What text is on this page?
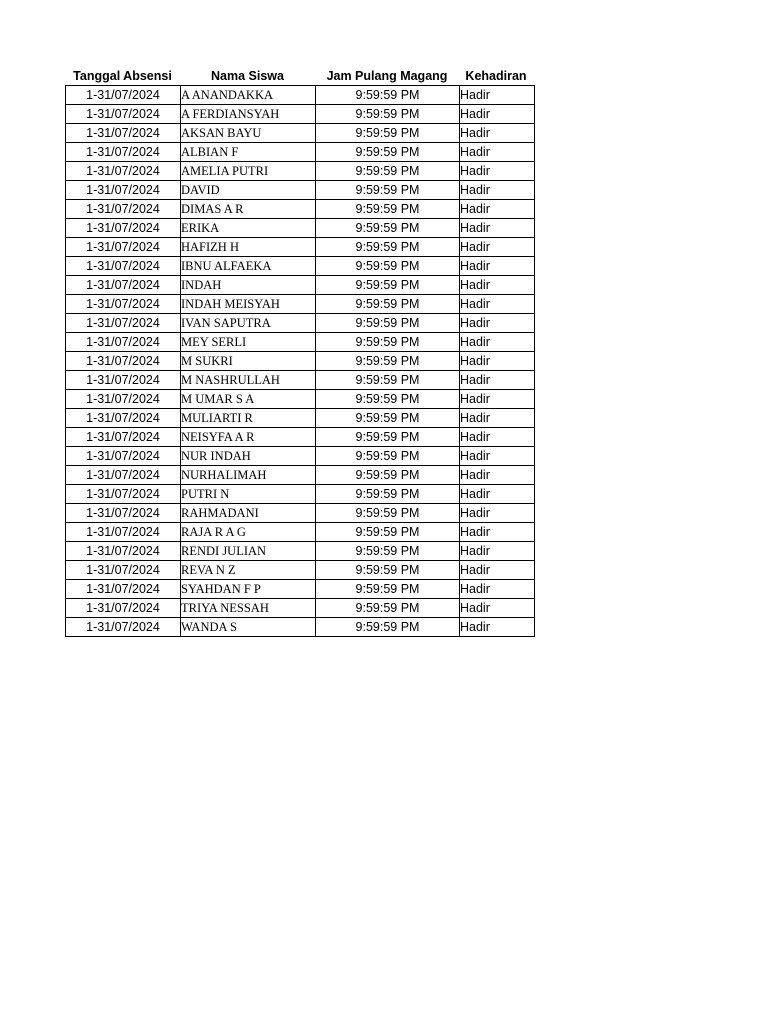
Tanggal Absensi	Nama Siswa	Jam Pulang Magang	Kehadiran
1-31/07/2024	A ANANDAKKA	9:59:59 PM	Hadir
1-31/07/2024	A FERDIANSYAH	9:59:59 PM	Hadir
1-31/07/2024	AKSAN BAYU	9:59:59 PM	Hadir
1-31/07/2024	ALBIAN F	9:59:59 PM	Hadir
1-31/07/2024	AMELIA PUTRI	9:59:59 PM	Hadir
1-31/07/2024	DAVID	9:59:59 PM	Hadir
1-31/07/2024	DIMAS A R	9:59:59 PM	Hadir
1-31/07/2024	ERIKA	9:59:59 PM	Hadir
1-31/07/2024	HAFIZH H	9:59:59 PM	Hadir
1-31/07/2024	IBNU ALFAEKA	9:59:59 PM	Hadir
1-31/07/2024	INDAH	9:59:59 PM	Hadir
1-31/07/2024	INDAH MEISYAH	9:59:59 PM	Hadir
1-31/07/2024	IVAN SAPUTRA	9:59:59 PM	Hadir
1-31/07/2024	MEY SERLI	9:59:59 PM	Hadir
1-31/07/2024	M SUKRI	9:59:59 PM	Hadir
1-31/07/2024	M NASHRULLAH	9:59:59 PM	Hadir
1-31/07/2024	M UMAR S A	9:59:59 PM	Hadir
1-31/07/2024	MULIARTI R	9:59:59 PM	Hadir
1-31/07/2024	NEISYFA A R	9:59:59 PM	Hadir
1-31/07/2024	NUR INDAH	9:59:59 PM	Hadir
1-31/07/2024	NURHALIMAH	9:59:59 PM	Hadir
1-31/07/2024	PUTRI N	9:59:59 PM	Hadir
1-31/07/2024	RAHMADANI	9:59:59 PM	Hadir
1-31/07/2024	RAJA R A G	9:59:59 PM	Hadir
1-31/07/2024	RENDI JULIAN	9:59:59 PM	Hadir
1-31/07/2024	REVA N Z	9:59:59 PM	Hadir
1-31/07/2024	SYAHDAN F P	9:59:59 PM	Hadir
1-31/07/2024	TRIYA NESSAH	9:59:59 PM	Hadir
1-31/07/2024	WANDA S	9:59:59 PM	Hadir
